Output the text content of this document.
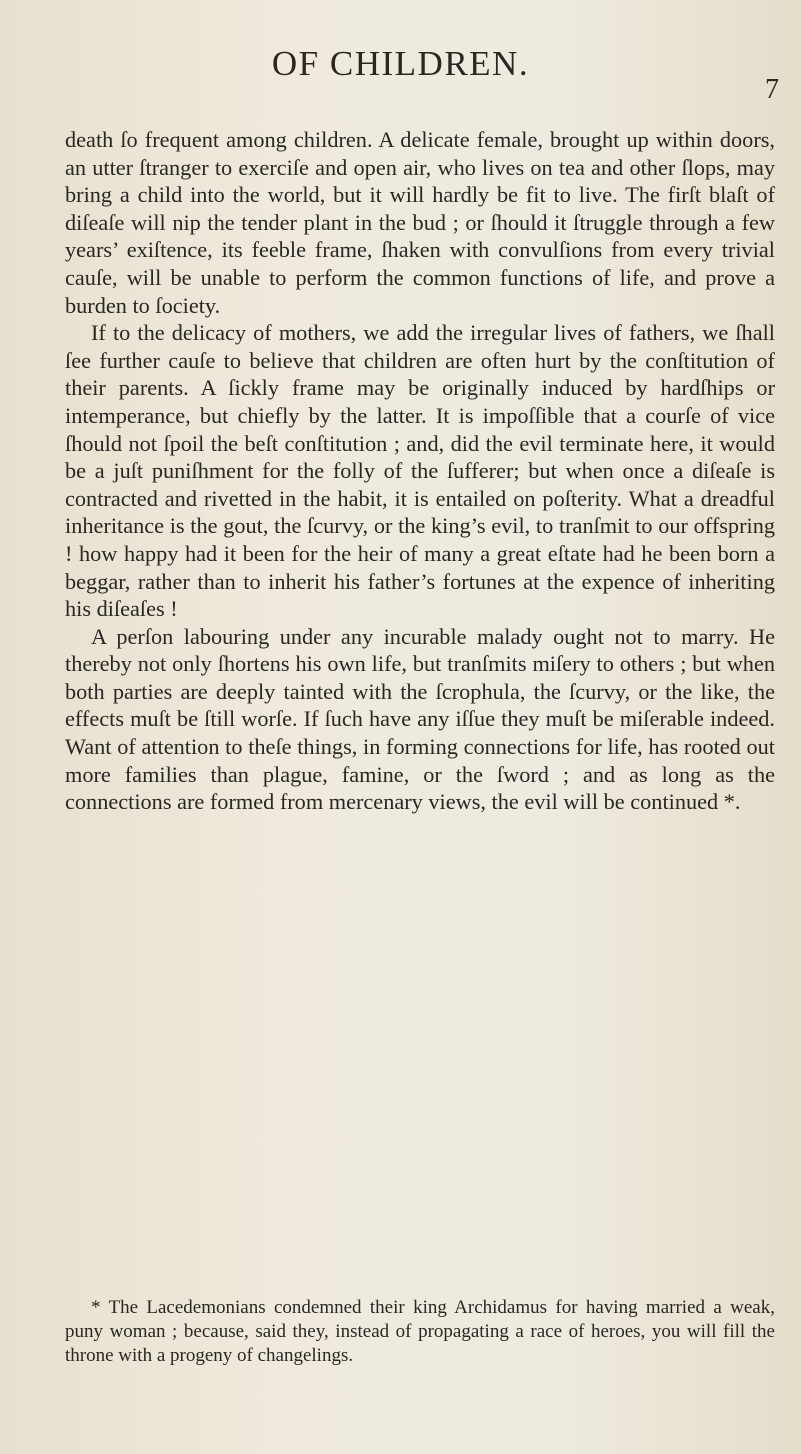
OF CHILDREN.
7

death ſo frequent among children. A delicate female, brought up within doors, an utter ſtranger to exerciſe and open air, who lives on tea and other ſlops, may bring a child into the world, but it will hardly be fit to live. The firſt blaſt of diſeaſe will nip the tender plant in the bud ; or ſhould it ſtruggle through a few years’ exiſtence, its feeble frame, ſhaken with convulſions from every trivial cauſe, will be unable to perform the common functions of life, and prove a burden to ſociety.

If to the delicacy of mothers, we add the irregular lives of fathers, we ſhall ſee further cauſe to believe that children are often hurt by the conſtitution of their parents. A ſickly frame may be originally induced by hardſhips or intemperance, but chiefly by the latter. It is impoſſible that a courſe of vice ſhould not ſpoil the beſt conſtitution ; and, did the evil terminate here, it would be a juſt puniſhment for the folly of the ſufferer; but when once a diſeaſe is contracted and rivetted in the habit, it is entailed on poſterity. What a dreadful inheritance is the gout, the ſcurvy, or the king’s evil, to tranſmit to our offspring ! how happy had it been for the heir of many a great eſtate had he been born a beggar, rather than to inherit his father’s fortunes at the expence of inheriting his diſeaſes !

A perſon labouring under any incurable malady ought not to marry. He thereby not only ſhortens his own life, but tranſmits miſery to others ; but when both parties are deeply tainted with the ſcrophula, the ſcurvy, or the like, the effects muſt be ſtill worſe. If ſuch have any iſſue they muſt be miſerable indeed. Want of attention to theſe things, in forming connections for life, has rooted out more families than plague, famine, or the ſword ; and as long as the connections are formed from mercenary views, the evil will be continued *.

* The Lacedemonians condemned their king Archidamus for having married a weak, puny woman ; because, said they, instead of propagating a race of heroes, you will fill the throne with a progeny of changelings.
